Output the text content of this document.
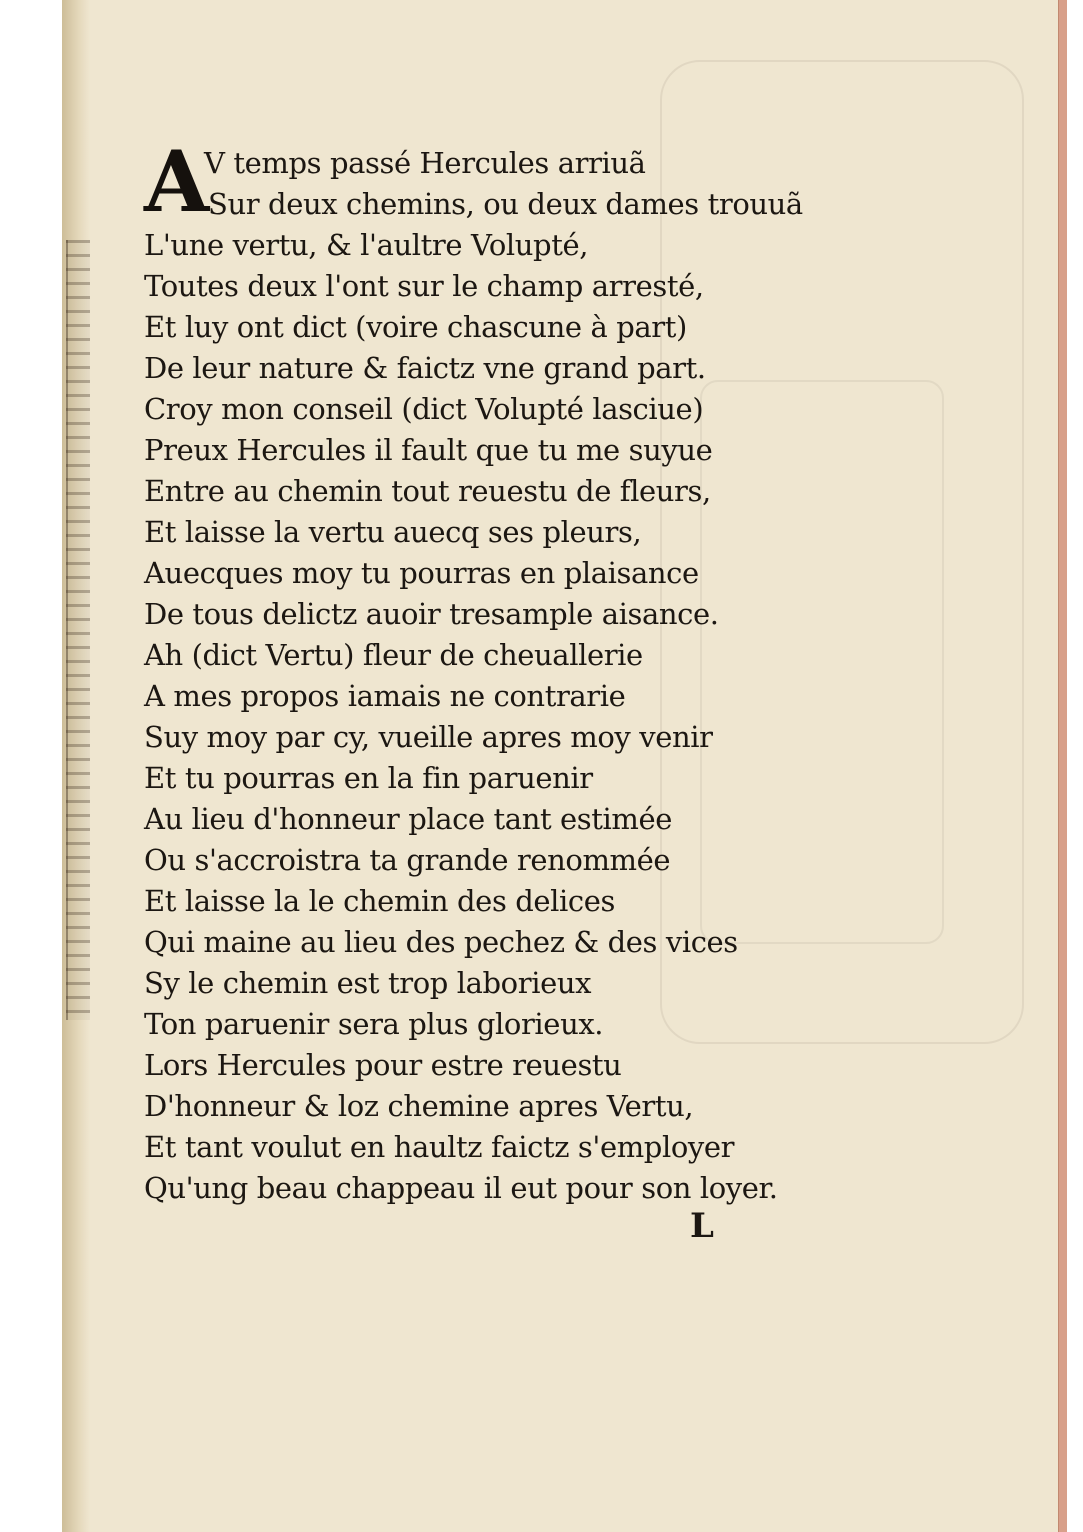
A
V temps passé Hercules arriuã
Sur deux chemins, ou deux dames trouuã
L'une vertu, & l'aultre Volupté,
Toutes deux l'ont sur le champ arresté,
Et luy ont dict (voire chascune à part)
De leur nature & faictz vne grand part.
Croy mon conseil (dict Volupté lasciue)
Preux Hercules il fault que tu me suyue
Entre au chemin tout reuestu de fleurs,
Et laisse la vertu auecq ses pleurs,
Auecques moy tu pourras en plaisance
De tous delictz auoir tresample aisance.
Ah (dict Vertu) fleur de cheuallerie
A mes propos iamais ne contrarie
Suy moy par cy, vueille apres moy venir
Et tu pourras en la fin paruenir
Au lieu d'honneur place tant estimée
Ou s'accroistra ta grande renommée
Et laisse la le chemin des delices
Qui maine au lieu des pechez & des vices
Sy le chemin est trop laborieux
Ton paruenir sera plus glorieux.
Lors Hercules pour estre reuestu
D'honneur & loz chemine apres Vertu,
Et tant voulut en haultz faictz s'employer
Qu'ung beau chappeau il eut pour son loyer.
L
